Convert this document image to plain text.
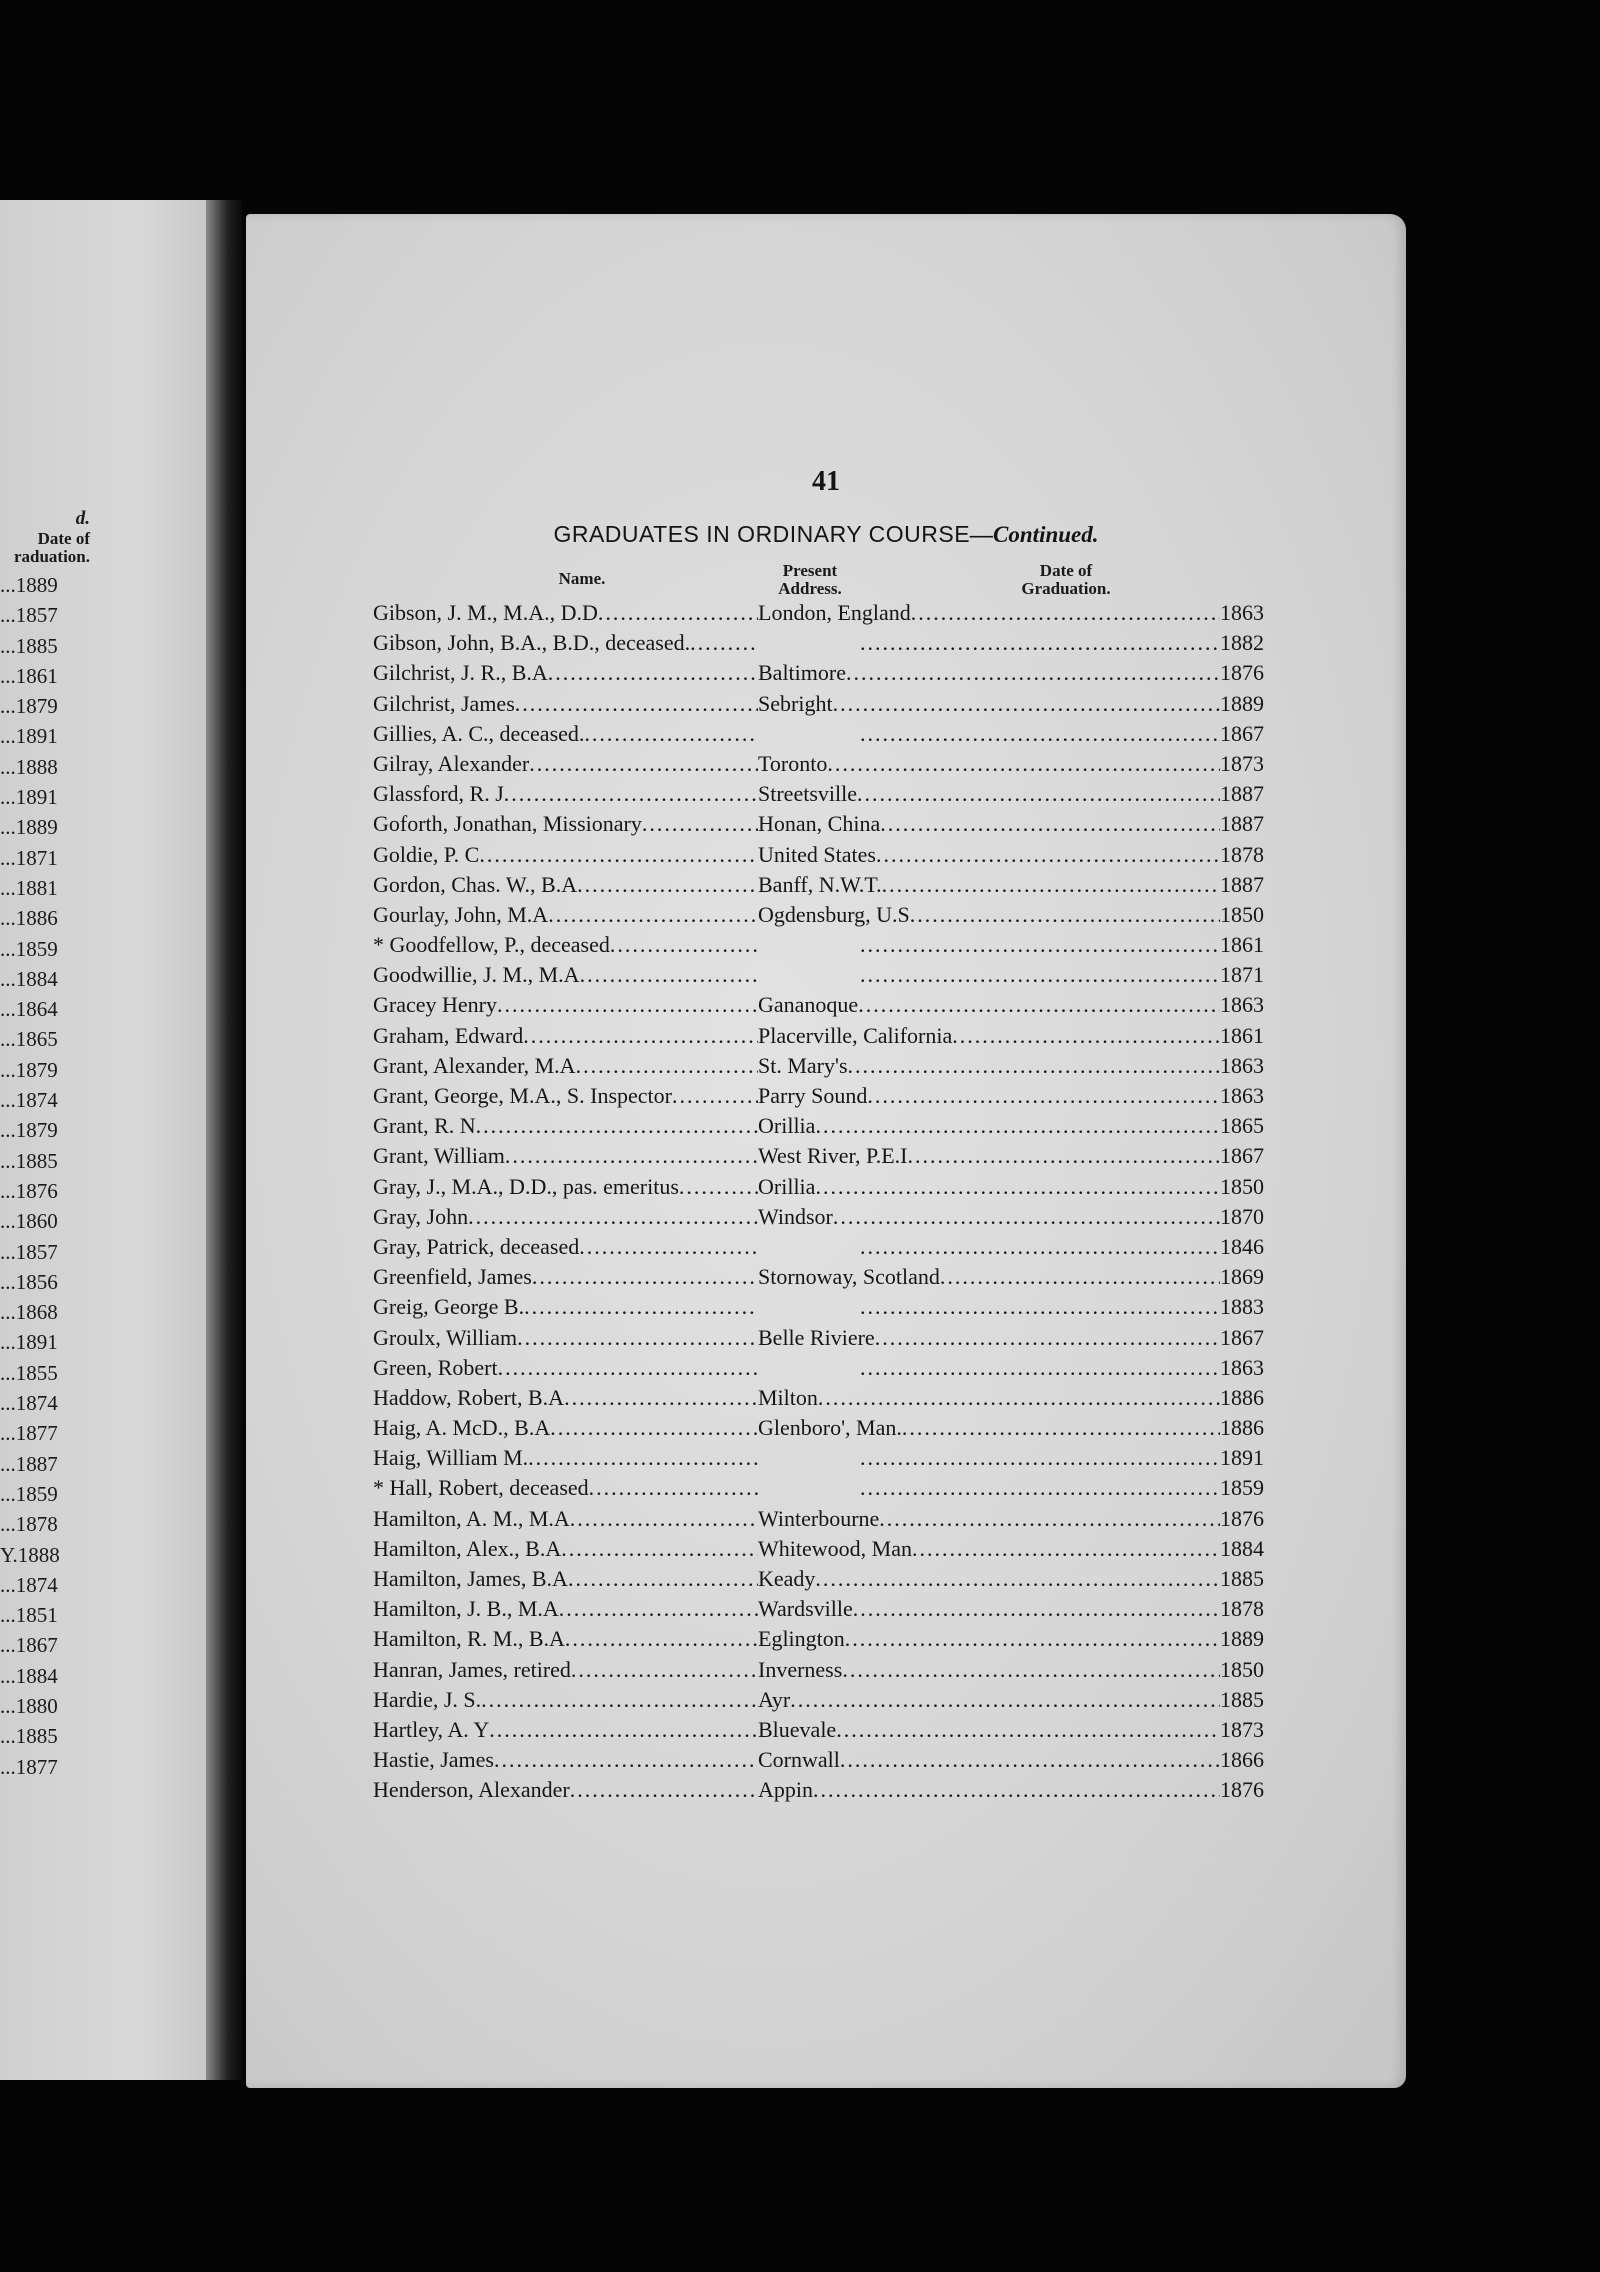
d.
Date of
raduation.
...1889
...1857
...1885
...1861
...1879
...1891
...1888
...1891
...1889
...1871
...1881
...1886
...1859
...1884
...1864
...1865
...1879
...1874
...1879
...1885
...1876
...1860
...1857
...1856
...1868
...1891
...1855
...1874
...1877
...1887
...1859
...1878
Y.1888
...1874
...1851
...1867
...1884
...1880
...1885
...1877
41
GRADUATES IN ORDINARY COURSE—Continued.
Name.	Present
Address.
Date of
Graduation.
Gibson, J. M., M.A., D.D .....	London, England .....	1863
Gibson, John, B.A., B.D., deceased. ..... .....	1882
Gilchrist, J. R., B.A .....	Baltimore .....	1876
Gilchrist, James .....	Sebright .....	1889
Gillies, A. C., deceased. ..... .....	1867
Gilray, Alexander .....	Toronto .....	1873
Glassford, R. J .....	Streetsville .....	1887
Goforth, Jonathan, Missionary .....	Honan, China .....	1887
Goldie, P. C .....	United States .....	1878
Gordon, Chas. W., B.A .....	Banff, N.W.T. .....	1887
Gourlay, John, M.A .....	Ogdensburg, U.S .....	1850
* Goodfellow, P., deceased ..... .....	1861
Goodwillie, J. M., M.A ..... .....	1871
Gracey Henry .....	Gananoque .....	1863
Graham, Edward .....	Placerville, California .....	1861
Grant, Alexander, M.A .....	St. Mary's .....	1863
Grant, George, M.A., S. Inspector .....	Parry Sound .....	1863
Grant, R. N .....	Orillia .....	1865
Grant, William .....	West River, P.E.I .....	1867
Gray, J., M.A., D.D., pas. emeritus .....	Orillia .....	1850
Gray, John .....	Windsor .....	1870
Gray, Patrick, deceased ..... .....	1846
Greenfield, James .....	Stornoway, Scotland .....	1869
Greig, George B. ..... .....	1883
Groulx, William .....	Belle Riviere .....	1867
Green, Robert ..... .....	1863
Haddow, Robert, B.A .....	Milton .....	1886
Haig, A. McD., B.A .....	Glenboro', Man. .....	1886
Haig, William M. ..... .....	1891
* Hall, Robert, deceased ..... .....	1859
Hamilton, A. M., M.A .....	Winterbourne .....	1876
Hamilton, Alex., B.A .....	Whitewood, Man .....	1884
Hamilton, James, B.A .....	Keady .....	1885
Hamilton, J. B., M.A .....	Wardsville .....	1878
Hamilton, R. M., B.A .....	Eglington .....	1889
Hanran, James, retired .....	Inverness .....	1850
Hardie, J. S. .....	Ayr .....	1885
Hartley, A. Y .....	Bluevale .....	1873
Hastie, James .....	Cornwall .....	1866
Henderson, Alexander .....	Appin .....	1876
